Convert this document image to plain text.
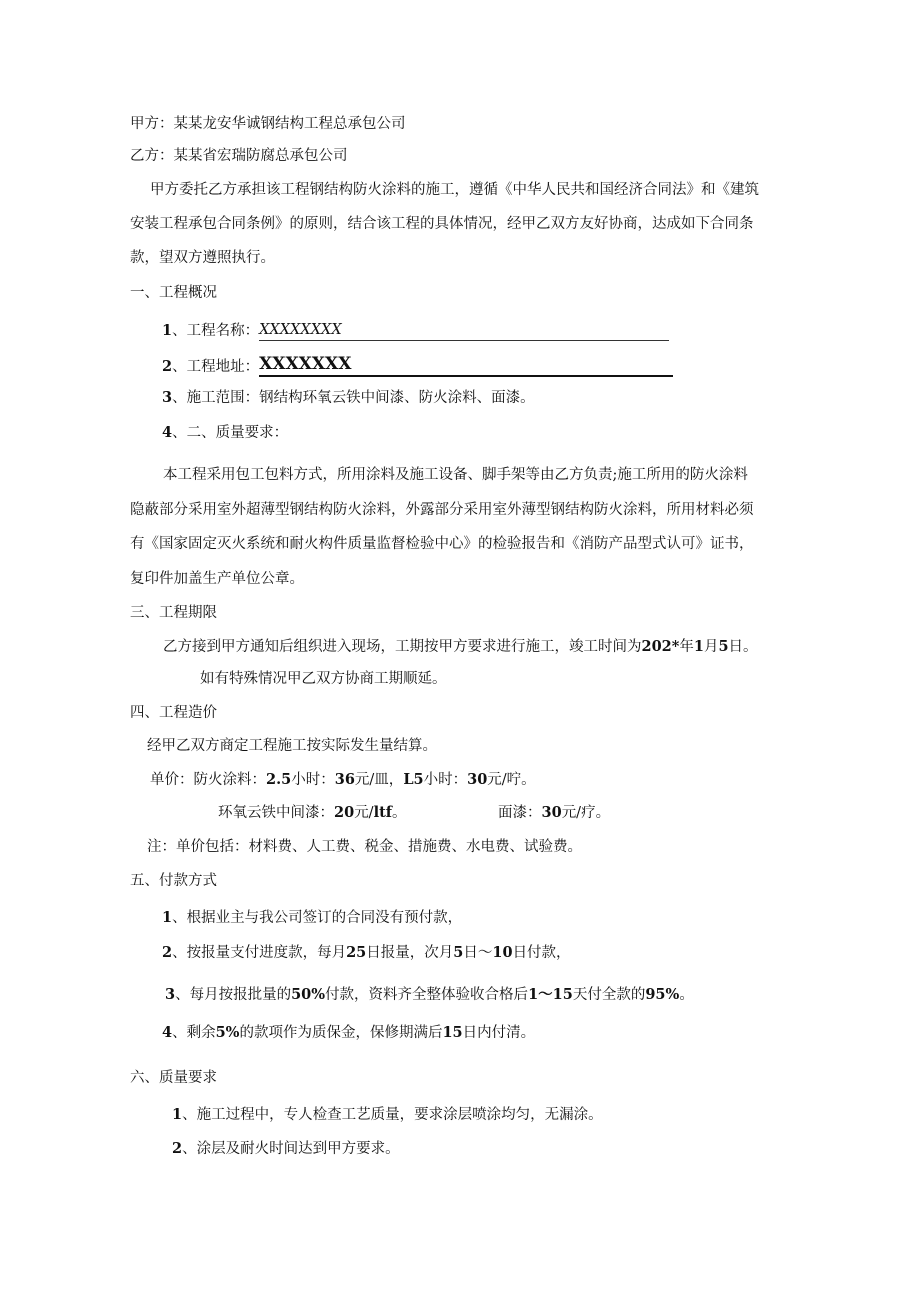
甲方：某某龙安华诚钢结构工程总承包公司
乙方：某某省宏瑞防腐总承包公司
甲方委托乙方承担该工程钢结构防火涂料的施工，遵循《中华人民共和国经济合同法》和《建筑
安装工程承包合同条例》的原则，结合该工程的具体情况，经甲乙双方友好协商，达成如下合同条
款，望双方遵照执行。
一、工程概况
1、工程名称：XXXXXXXX
2、工程地址：XXXXXXX
3、施工范围：钢结构环氧云铁中间漆、防火涂料、面漆。
4、二、质量要求：
本工程采用包工包料方式，所用涂料及施工设备、脚手架等由乙方负责;施工所用的防火涂料
隐蔽部分采用室外超薄型钢结构防火涂料，外露部分采用室外薄型钢结构防火涂料，所用材料必须
有《国家固定灭火系统和耐火构件质量监督检验中心》的检验报告和《消防产品型式认可》证书，
复印件加盖生产单位公章。
三、工程期限
乙方接到甲方通知后组织进入现场，工期按甲方要求进行施工，竣工时间为202*年1月5日。
如有特殊情况甲乙双方协商工期顺延。
四、工程造价
经甲乙双方商定工程施工按实际发生量结算。
单价：防火涂料：2.5小时：36元/皿，L5小时：30元/咛。
环氧云铁中间漆：20元/ltf。	面漆：30元/疗。
注：单价包括：材料费、人工费、税金、措施费、水电费、试验费。
五、付款方式
1、根据业主与我公司签订的合同没有预付款，
2、按报量支付进度款，每月25日报量，次月5日～10日付款，
3、每月按报批量的50%付款，资料齐全整体验收合格后1〜15天付全款的95%。
4、剩余5%的款项作为质保金，保修期满后15日内付清。
六、质量要求
1、施工过程中，专人检查工艺质量，要求涂层喷涂均匀，无漏涂。
2、涂层及耐火时间达到甲方要求。
